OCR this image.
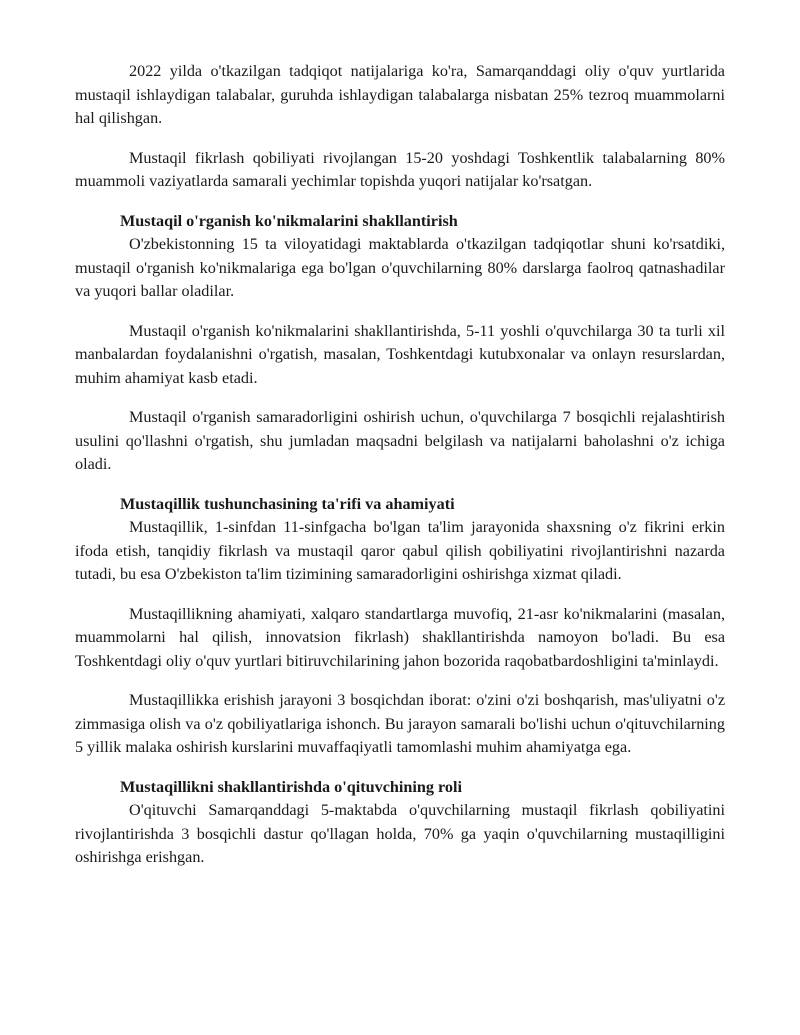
2022 yilda o'tkazilgan tadqiqot natijalariga ko'ra, Samarqanddagi oliy o'quv yurtlarida mustaqil ishlaydigan talabalar, guruhda ishlaydigan talabalarga nisbatan 25% tezroq muammolarni hal qilishgan.

Mustaqil fikrlash qobiliyati rivojlangan 15-20 yoshdagi Toshkentlik talabalarning 80% muammoli vaziyatlarda samarali yechimlar topishda yuqori natijalar ko'rsatgan.

Mustaqil o'rganish ko'nikmalarini shakllantirish

O'zbekistonning 15 ta viloyatidagi maktablarda o'tkazilgan tadqiqotlar shuni ko'rsatdiki, mustaqil o'rganish ko'nikmalariga ega bo'lgan o'quvchilarning 80% darslarga faolroq qatnashadilar va yuqori ballar oladilar.

Mustaqil o'rganish ko'nikmalarini shakllantirishda, 5-11 yoshli o'quvchilarga 30 ta turli xil manbalardan foydalanishni o'rgatish, masalan, Toshkentdagi kutubxonalar va onlayn resurslardan, muhim ahamiyat kasb etadi.

Mustaqil o'rganish samaradorligini oshirish uchun, o'quvchilarga 7 bosqichli rejalashtirish usulini qo'llashni o'rgatish, shu jumladan maqsadni belgilash va natijalarni baholashni o'z ichiga oladi.

Mustaqillik tushunchasining ta'rifi va ahamiyati

Mustaqillik, 1-sinfdan 11-sinfgacha bo'lgan ta'lim jarayonida shaxsning o'z fikrini erkin ifoda etish, tanqidiy fikrlash va mustaqil qaror qabul qilish qobiliyatini rivojlantirishni nazarda tutadi, bu esa O'zbekiston ta'lim tizimining samaradorligini oshirishga xizmat qiladi.

Mustaqillikning ahamiyati, xalqaro standartlarga muvofiq, 21-asr ko'nikmalarini (masalan, muammolarni hal qilish, innovatsion fikrlash) shakllantirishda namoyon bo'ladi. Bu esa Toshkentdagi oliy o'quv yurtlari bitiruvchilarining jahon bozorida raqobatbardoshligini ta'minlaydi.

Mustaqillikka erishish jarayoni 3 bosqichdan iborat: o'zini o'zi boshqarish, mas'uliyatni o'z zimmasiga olish va o'z qobiliyatlariga ishonch. Bu jarayon samarali bo'lishi uchun o'qituvchilarning 5 yillik malaka oshirish kurslarini muvaffaqiyatli tamomlashi muhim ahamiyatga ega.

Mustaqillikni shakllantirishda o'qituvchining roli

O'qituvchi Samarqanddagi 5-maktabda o'quvchilarning mustaqil fikrlash qobiliyatini rivojlantirishda 3 bosqichli dastur qo'llagan holda, 70% ga yaqin o'quvchilarning mustaqilligini oshirishga erishgan.
